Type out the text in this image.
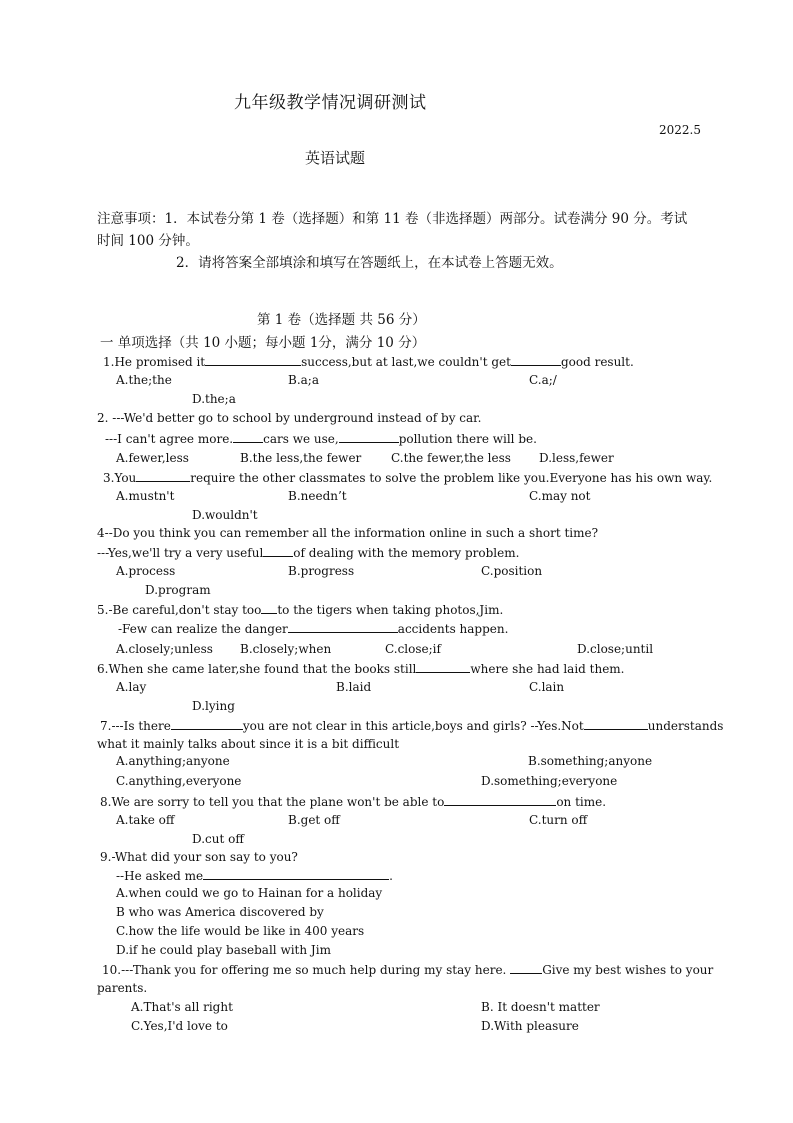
九年级教学情况调研测试
2022.5
英语试题
注意事项：1．本试卷分第 1 卷（选择题）和第 11 卷（非选择题）两部分。试卷满分 90 分。考试
时间 100 分钟。
2．请将答案全部填涂和填写在答题纸上，在本试卷上答题无效。
第 1 卷（选择题 共 56 分）
一 单项选择（共 10 小题；每小题 1分，满分 10 分）
1.He promised it	success,but at last,we couldn't get	good result.
A.the;the	B.a;a	C.a;/
D.the;a
2. ---We'd better go to school by underground instead of by car.
---I can't agree more.	cars we use,	pollution there will be.
A.fewer,less	B.the less,the fewer C.the fewer,the less D.less,fewer
3.You	require the other classmates to solve the problem like you.Everyone has his own way.
A.mustn't	B.needn’t	C.may not
D.wouldn't
4--Do you think you can remember all the information online in such a short time?
---Yes,we'll try a very useful	of dealing with the memory problem.
A.process	B.progress	C.position
D.program
5.-Be careful,don't stay too to the tigers when taking photos,Jim.
-Few can realize the danger	accidents happen.
A.closely;unless B.closely;when	C.close;if	D.close;until
6.When she came later,she found that the books still	where she had laid them.
A.lay	B.laid	C.lain
D.lying
7.---Is there	you are not clear in this article,boys and girls? --Yes.Not	understands
what it mainly talks about since it is a bit difficult
A.anything;anyone	B.something;anyone
C.anything,everyone	D.something;everyone
8.We are sorry to tell you that the plane won't be able to	on time.
A.take off	B.get off	C.turn off
D.cut off
9.-What did your son say to you?
--He asked me	.
A.when could we go to Hainan for a holiday
B who was America discovered by
C.how the life would be like in 400 years
D.if he could play baseball with Jim
10.---Thank you for offering me so much help during my stay here.	Give my best wishes to your
parents.
A.That's all right	B. It doesn't matter
C.Yes,I'd love to	D.With pleasure
